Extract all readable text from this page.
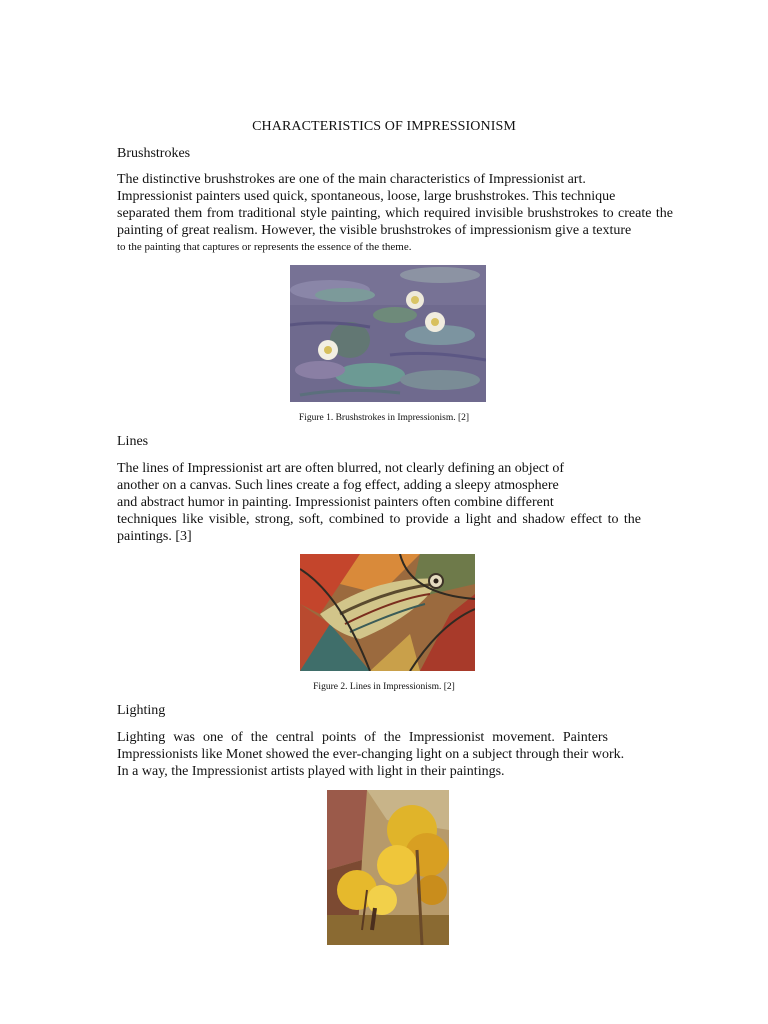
CHARACTERISTICS OF IMPRESSIONISM
Brushstrokes
The distinctive brushstrokes are one of the main characteristics of Impressionist art.
Impressionist painters used quick, spontaneous, loose, large brushstrokes. This technique
separated them from traditional style painting, which required invisible brushstrokes to create the
painting of great realism. However, the visible brushstrokes of impressionism give a texture
to the painting that captures or represents the essence of the theme.
Figure 1. Brushstrokes in Impressionism. [2]
Lines
The lines of Impressionist art are often blurred, not clearly defining an object of
another on a canvas. Such lines create a fog effect, adding a sleepy atmosphere
and abstract humor in painting. Impressionist painters often combine different
techniques like visible, strong, soft, combined to provide a light and shadow effect to the
paintings. [3]
Figure 2. Lines in Impressionism. [2]
Lighting
Lighting was one of the central points of the Impressionist movement. Painters
Impressionists like Monet showed the ever-changing light on a subject through their work.
In a way, the Impressionist artists played with light in their paintings.
